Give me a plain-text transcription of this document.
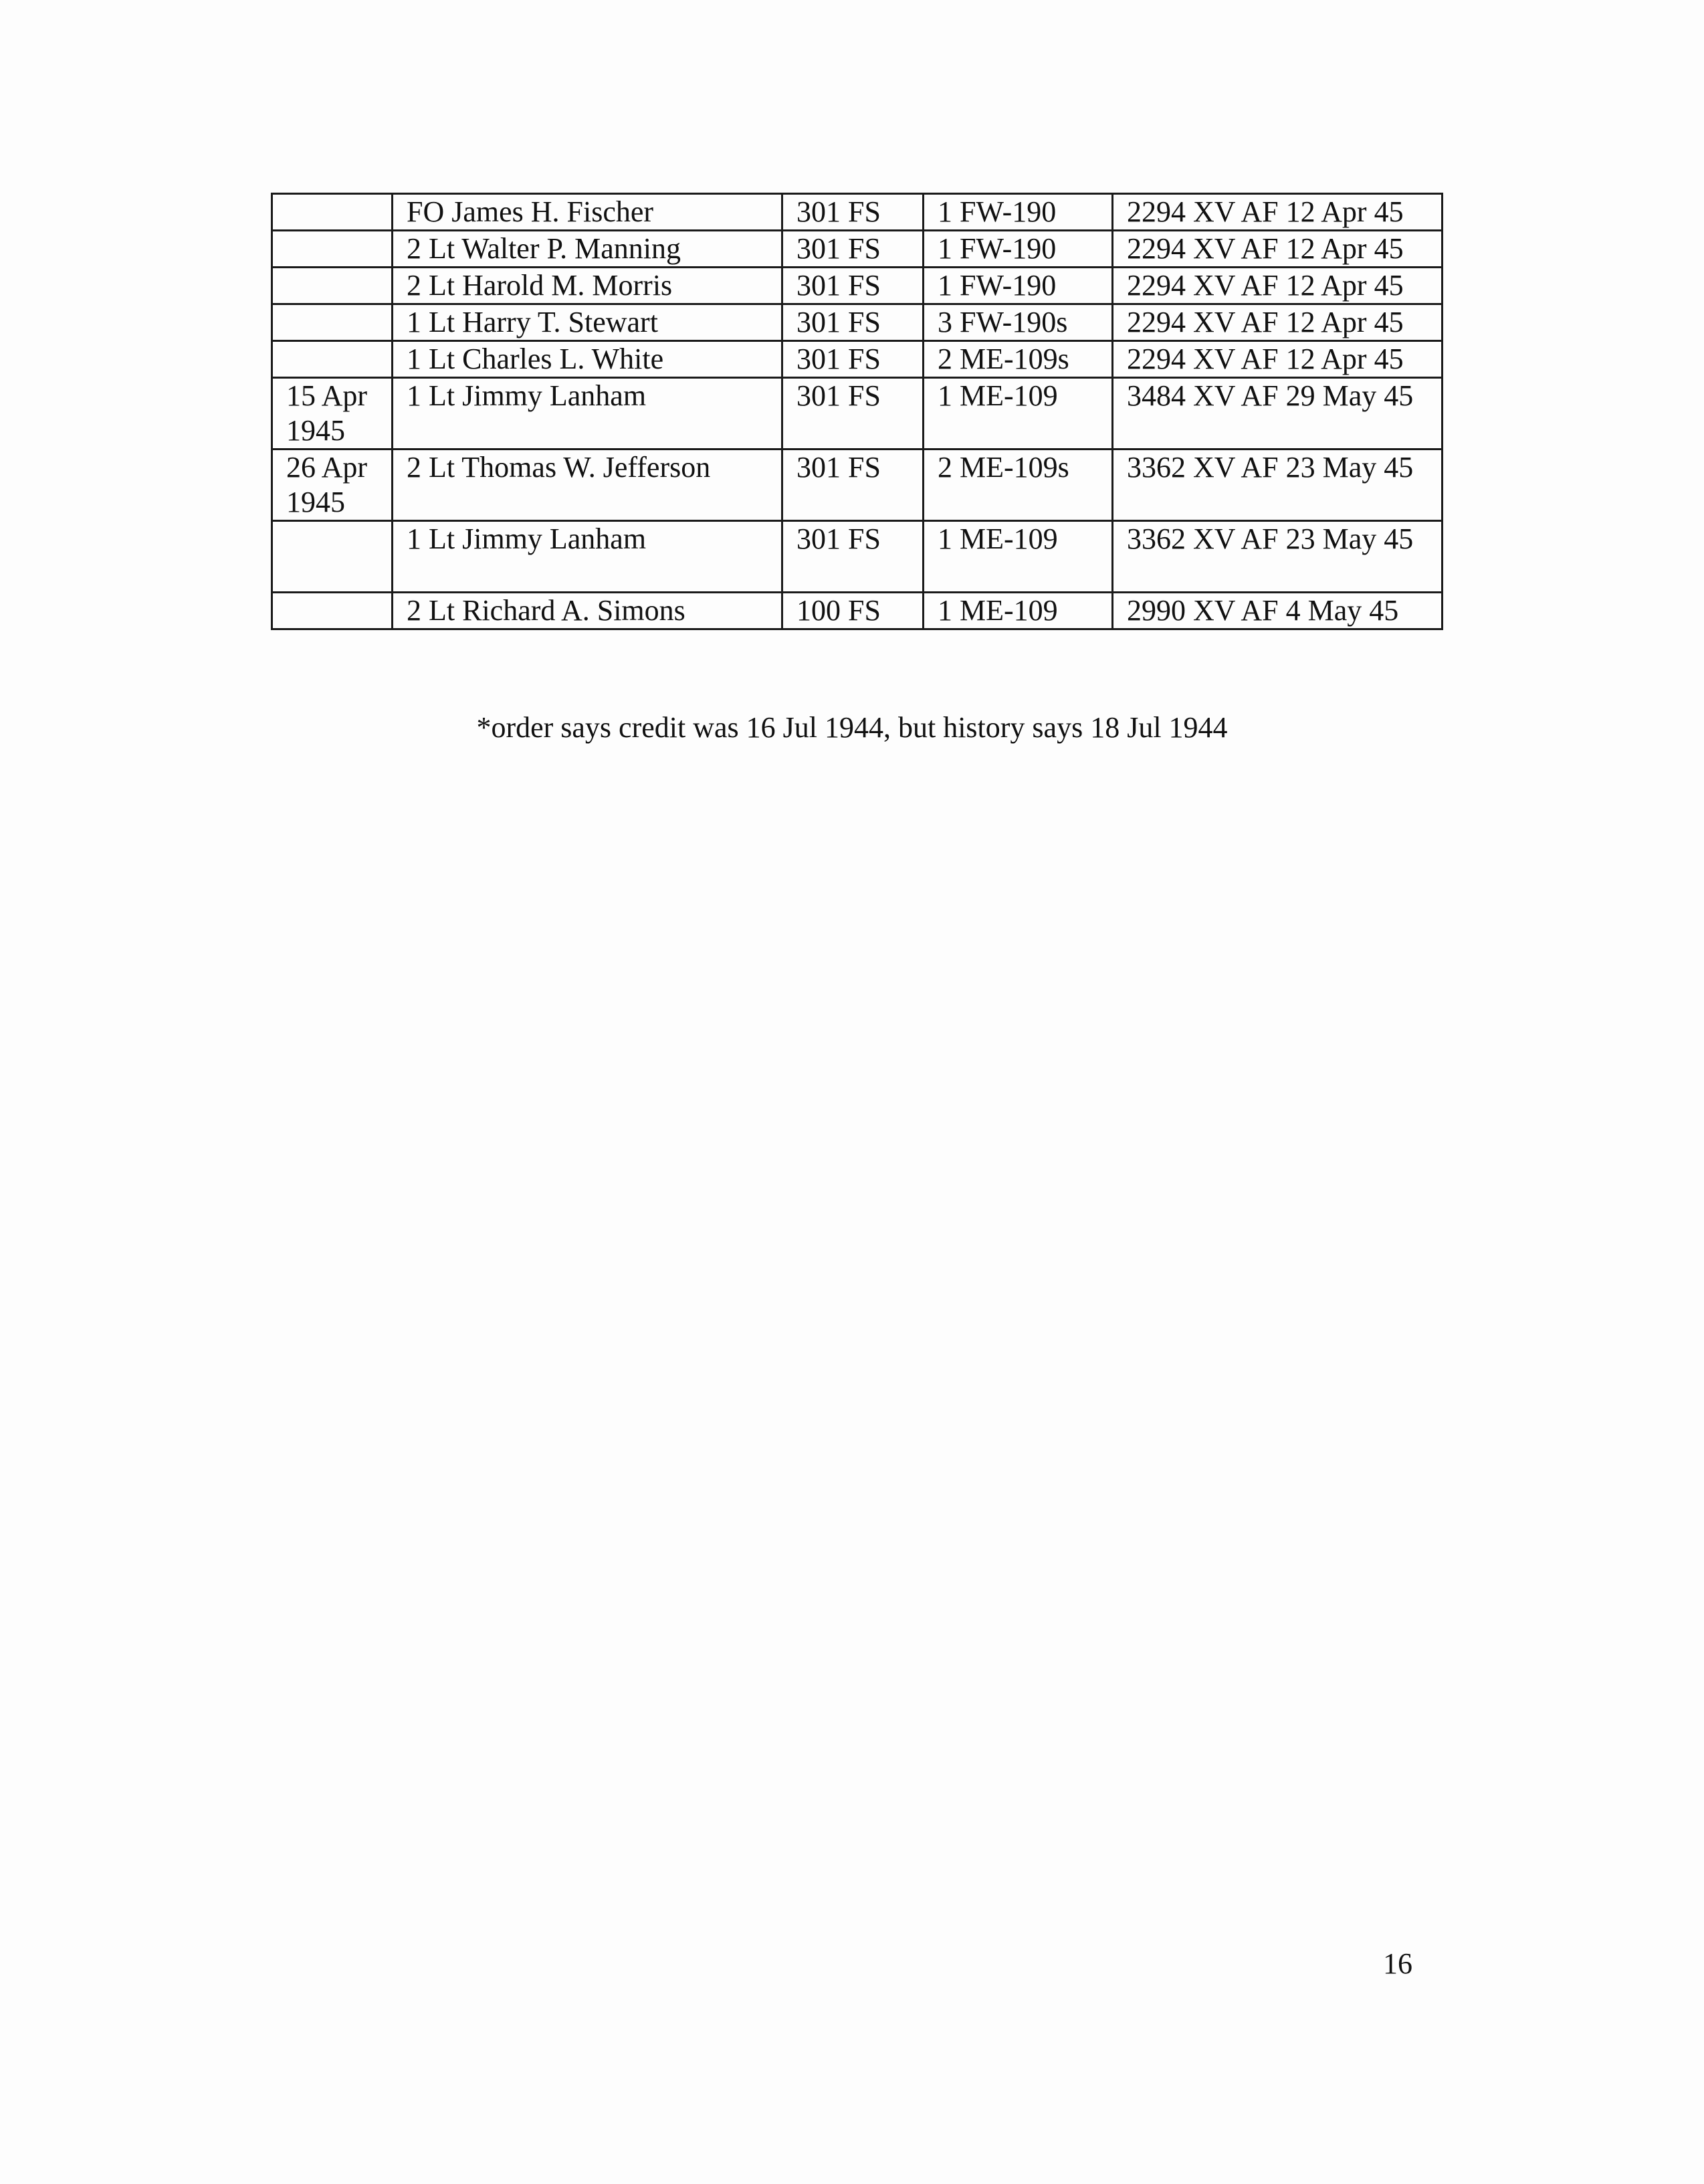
	FO James H. Fischer	301 FS	1 FW-190	2294 XV AF 12 Apr 45
	2 Lt Walter P. Manning	301 FS	1 FW-190	2294 XV AF 12 Apr 45
	2 Lt Harold M. Morris	301 FS	1 FW-190	2294 XV AF 12 Apr 45
	1 Lt Harry T. Stewart	301 FS	3 FW-190s	2294 XV AF 12 Apr 45
	1 Lt Charles L. White	301 FS	2 ME-109s	2294 XV AF 12 Apr 45
15 Apr 1945	1 Lt Jimmy Lanham	301 FS	1 ME-109	3484 XV AF 29 May 45
26 Apr 1945	2 Lt Thomas W. Jefferson	301 FS	2 ME-109s	3362 XV AF 23 May 45
	1 Lt Jimmy Lanham	301 FS	1 ME-109	3362 XV AF 23 May 45
	2 Lt Richard A. Simons	100 FS	1 ME-109	2990 XV AF 4 May 45
*order says credit was 16 Jul 1944, but history says 18 Jul 1944
16
